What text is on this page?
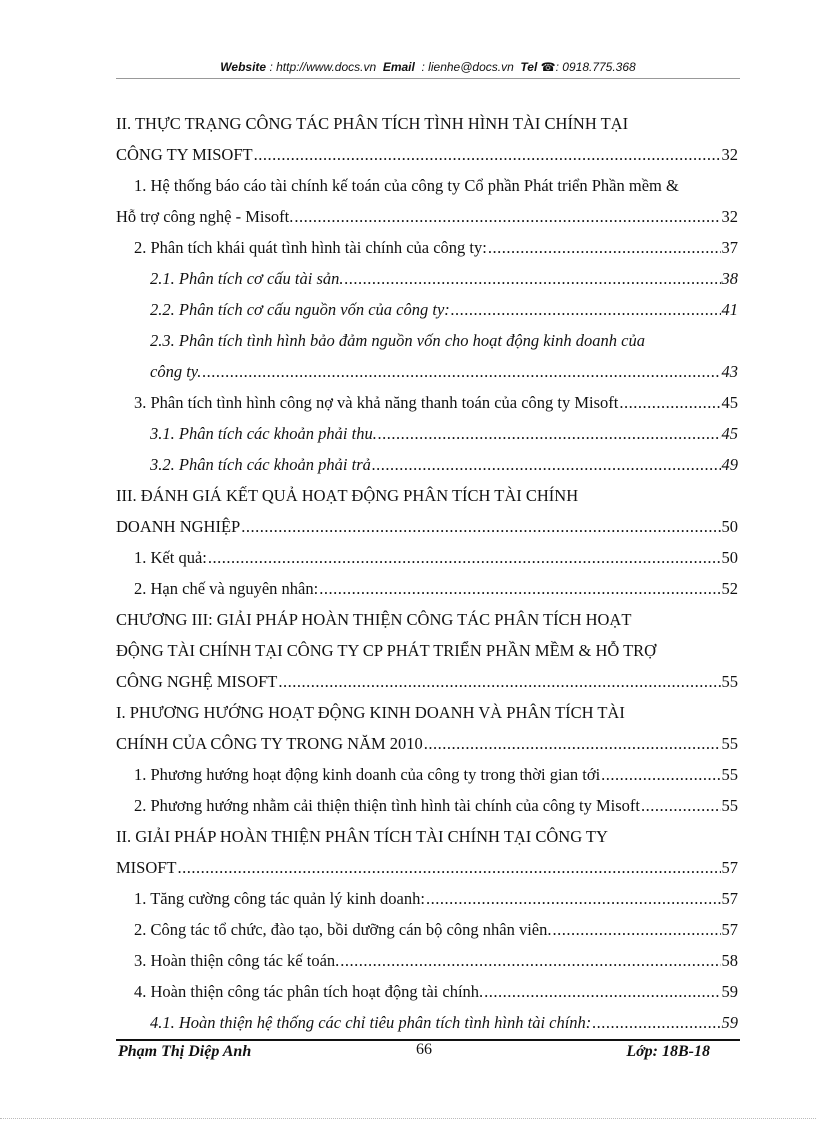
Website : http://www.docs.vn Email : lienhe@docs.vn Tel ☎: 0918.775.368
II. THỰC TRẠNG CÔNG TÁC PHÂN TÍCH TÌNH HÌNH TÀI CHÍNH TẠI
CÔNG TY MISOFT .....	32
1. Hệ thống báo cáo tài chính kế toán của công ty Cổ phần Phát triển Phần mềm &
Hỗ trợ công nghệ - Misoft. .....	32
2. Phân tích khái quát tình hình tài chính của công ty: .....	37
2.1. Phân tích cơ cấu tài sản. .....	38
2.2. Phân tích cơ cấu nguồn vốn của công ty: .....	41
2.3. Phân tích tình hình bảo đảm nguồn vốn cho hoạt động kinh doanh của
công ty. .....	43
3. Phân tích tình hình công nợ và khả năng thanh toán của công ty Misoft .....	45
3.1. Phân tích các khoản phải thu. .....	45
3.2. Phân tích các khoản phải trả .....	49
III. ĐÁNH GIÁ KẾT QUẢ HOẠT ĐỘNG PHÂN TÍCH TÀI CHÍNH
DOANH NGHIỆP .....	50
1. Kết quả: .....	50
2. Hạn chế và nguyên nhân: .....	52
CHƯƠNG III: GIẢI PHÁP HOÀN THIỆN CÔNG TÁC PHÂN TÍCH HOẠT
ĐỘNG TÀI CHÍNH TẠI CÔNG TY CP PHÁT TRIỂN PHẦN MỀM & HỖ TRỢ
CÔNG NGHỆ MISOFT .....	55
I. PHƯƠNG HƯỚNG HOẠT ĐỘNG KINH DOANH VÀ PHÂN TÍCH TÀI
CHÍNH CỦA CÔNG TY TRONG NĂM 2010 .....	55
1. Phương hướng hoạt động kinh doanh của công ty trong thời gian tới .....	55
2. Phương hướng nhằm cải thiện thiện tình hình tài chính của công ty Misoft .....	55
II. GIẢI PHÁP HOÀN THIỆN PHÂN TÍCH TÀI CHÍNH TẠI CÔNG TY
MISOFT .....	57
1. Tăng cường công tác quản lý kinh doanh: .....	57
2. Công tác tổ chức, đào tạo, bồi dưỡng cán bộ công nhân viên. .....	57
3. Hoàn thiện công tác kế toán. .....	58
4. Hoàn thiện công tác phân tích hoạt động tài chính. .....	59
4.1. Hoàn thiện hệ thống các chỉ tiêu phân tích tình hình tài chính: .....	59
Phạm Thị Diệp Anh	66	Lớp: 18B-18
